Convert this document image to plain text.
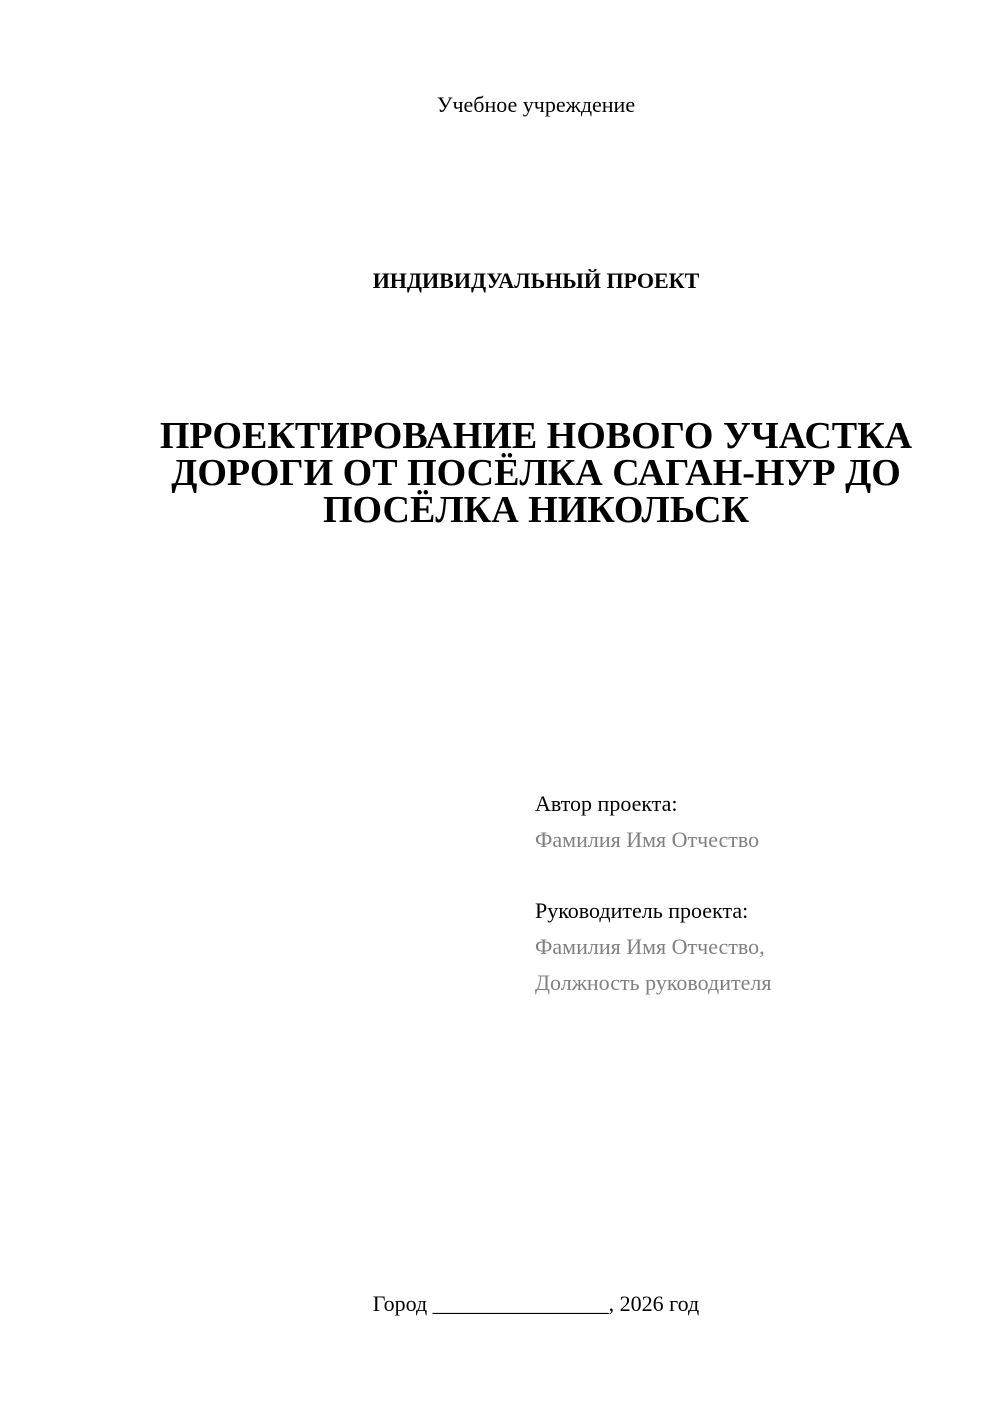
Учебное учреждение
ИНДИВИДУАЛЬНЫЙ ПРОЕКТ
ПРОЕКТИРОВАНИЕ НОВОГО УЧАСТКА
ДОРОГИ ОТ ПОСЁЛКА САГАН-НУР ДО
ПОСЁЛКА НИКОЛЬСК
Автор проекта:
Фамилия Имя Отчество
Руководитель проекта:
Фамилия Имя Отчество,
Должность руководителя
Город ________________, 2026 год
